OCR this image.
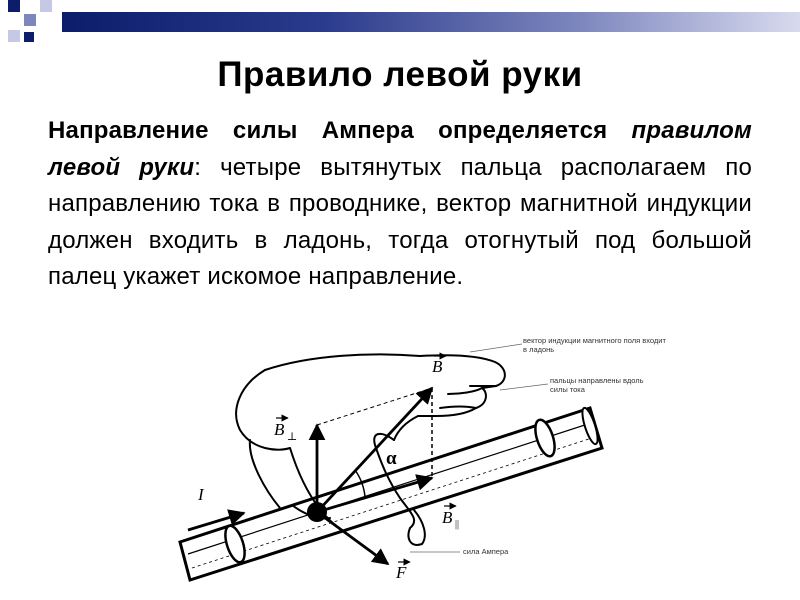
Правило левой руки
Направление силы Ампера определяется правилом левой руки: четыре вытянутых пальца располагаем по направлению тока в проводнике, вектор магнитной индукции должен входить в ладонь, тогда отогнутый под большой палец укажет искомое направление.
B
B ⊥
B ||
I
F
α
вектор индукции магнитного поля входит
в ладонь
пальцы направлены вдоль
силы тока
сила Ампера
